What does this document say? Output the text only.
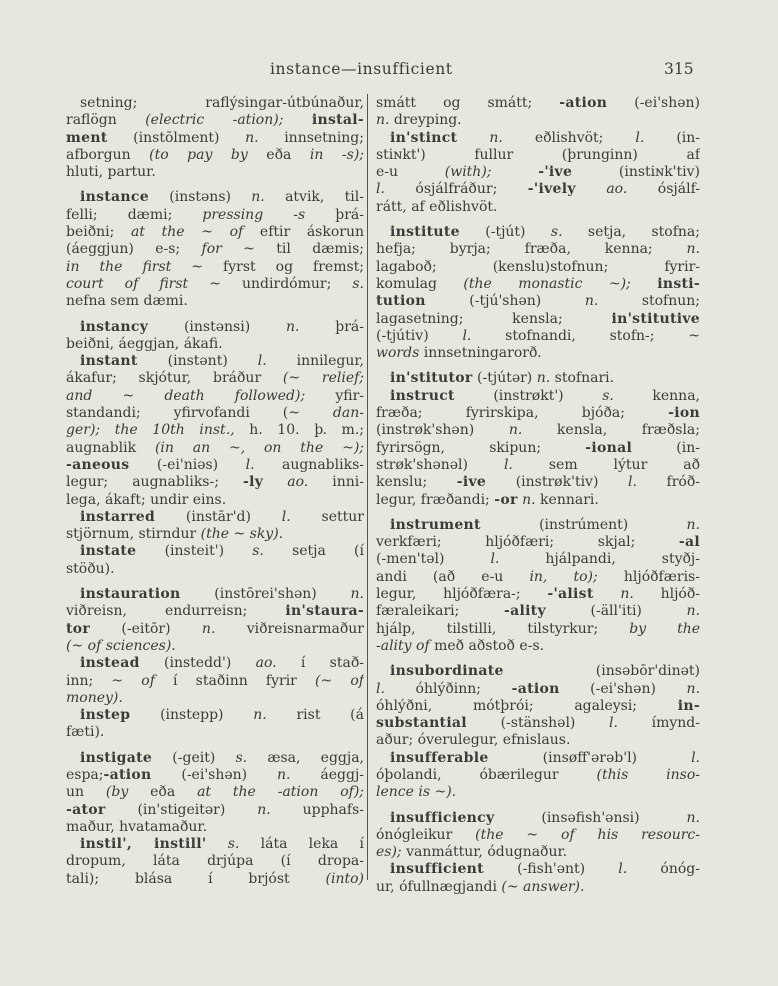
instance—insufficient	315
setning; raflýsingar-útbúnaður,
raflögn (electric -ation); instal-
ment (instōlment) n. innsetning;
afborgun (to pay by eða in -s);
hluti, partur.
instance (instəns) n. atvik, til-
felli; dæmi; pressing -s þrá-
beiðni; at the ~ of eftir áskorun
(áeggjun) e-s; for ~ til dæmis;
in the first ~ fyrst og fremst;
court of first ~ undirdómur; s.
nefna sem dæmi.
instancy (instənsi) n. þrá-
beiðni, áeggjan, ákafi.
instant (instənt) l. innilegur,
ákafur; skjótur, bráður (~ relief;
and ~ death followed); yfir-
standandi; yfirvofandi (~ dan-
ger); the 10th inst., h. 10. þ. m.;
augnablik (in an ~, on the ~);
-aneous (-ei'niəs) l. augnabliks-
legur; augnabliks-; -ly ao. inni-
lega, ákaft; undir eins.
instarred (instār'd) l. settur
stjörnum, stirndur (the ~ sky).
instate (insteit') s. setja (í
stöðu).
instauration (instōrei'shən) n.
viðreisn, endurreisn; in'staura-
tor (-eitōr) n. viðreisnarmaður
(~ of sciences).
instead (instedd') ao. í stað-
inn; ~ of í staðinn fyrir (~ of
money).
instep (instepp) n. rist (á
fæti).
instigate (-geit) s. æsa, eggja,
espa;-ation (-ei'shən) n. áeggj-
un (by eða at the -ation of);
-ator (in'stigeitər) n. upphafs-
maður, hvatamaður.
instil', instill' s. láta leka í
dropum, láta drjúpa (í dropa-
tali); blása í brjóst (into)
smátt og smátt; -ation (-ei'shən)
n. dreyping.
in'stinct n. eðlishvöt; l. (in-
stiɴkt') fullur (þrunginn) af
e-u (with);	-'ive (instiɴk'tiv)
l. ósjálfráður; -'ively ao. ósjálf-
rátt, af eðlishvöt.
institute (-tjút) s. setja, stofna;
hefja; byrja; fræða, kenna; n.
lagaboð; (kenslu)stofnun; fyrir-
komulag (the monastic ~); insti-
tution (-tjú'shən) n. stofnun;
lagasetning; kensla; in'stitutive
(-tjútiv) l. stofnandi, stofn-; ~
words innsetningarorð.
in'stitutor (-tjútər) n. stofnari.
instruct (instrøkt') s. kenna,
fræða; fyrirskipa, bjóða; -ion
(instrøk'shən) n. kensla, fræðsla;
fyrirsögn, skipun; -ional (in-
strøk'shənəl) l. sem lýtur að
kenslu; -ive (instrøk'tiv) l. fróð-
legur, fræðandi; -or n. kennari.
instrument (instrúment) n.
verkfæri; hljóðfæri; skjal; -al
(-men'təl) l. hjálpandi, styðj-
andi (að e-u in, to); hljóðfæris-
legur, hljóðfæra-; -'alist n. hljóð-
færaleikari; -ality (-äll'iti) n.
hjálp, tilstilli, tilstyrkur; by the
-ality of með aðstoð e-s.
insubordinate (insəbōr'dinət)
l. óhlýðinn; -ation (-ei'shən) n.
óhlýðni, mótþrói; agaleysi; in-
substantial (-stänshəl) l. ímynd-
aður; óverulegur, efnislaus.
insufferable (insøff'ərəb'l) l.
óþolandi, óbærilegur (this inso-
lence is ~).
insufficiency (insəfish'ənsi) n.
ónógleikur (the ~ of his resourc-
es); vanmáttur, ódugnaður.
insufficient (-fish'ənt) l. ónóg-
ur, ófullnægjandi (~ answer).
